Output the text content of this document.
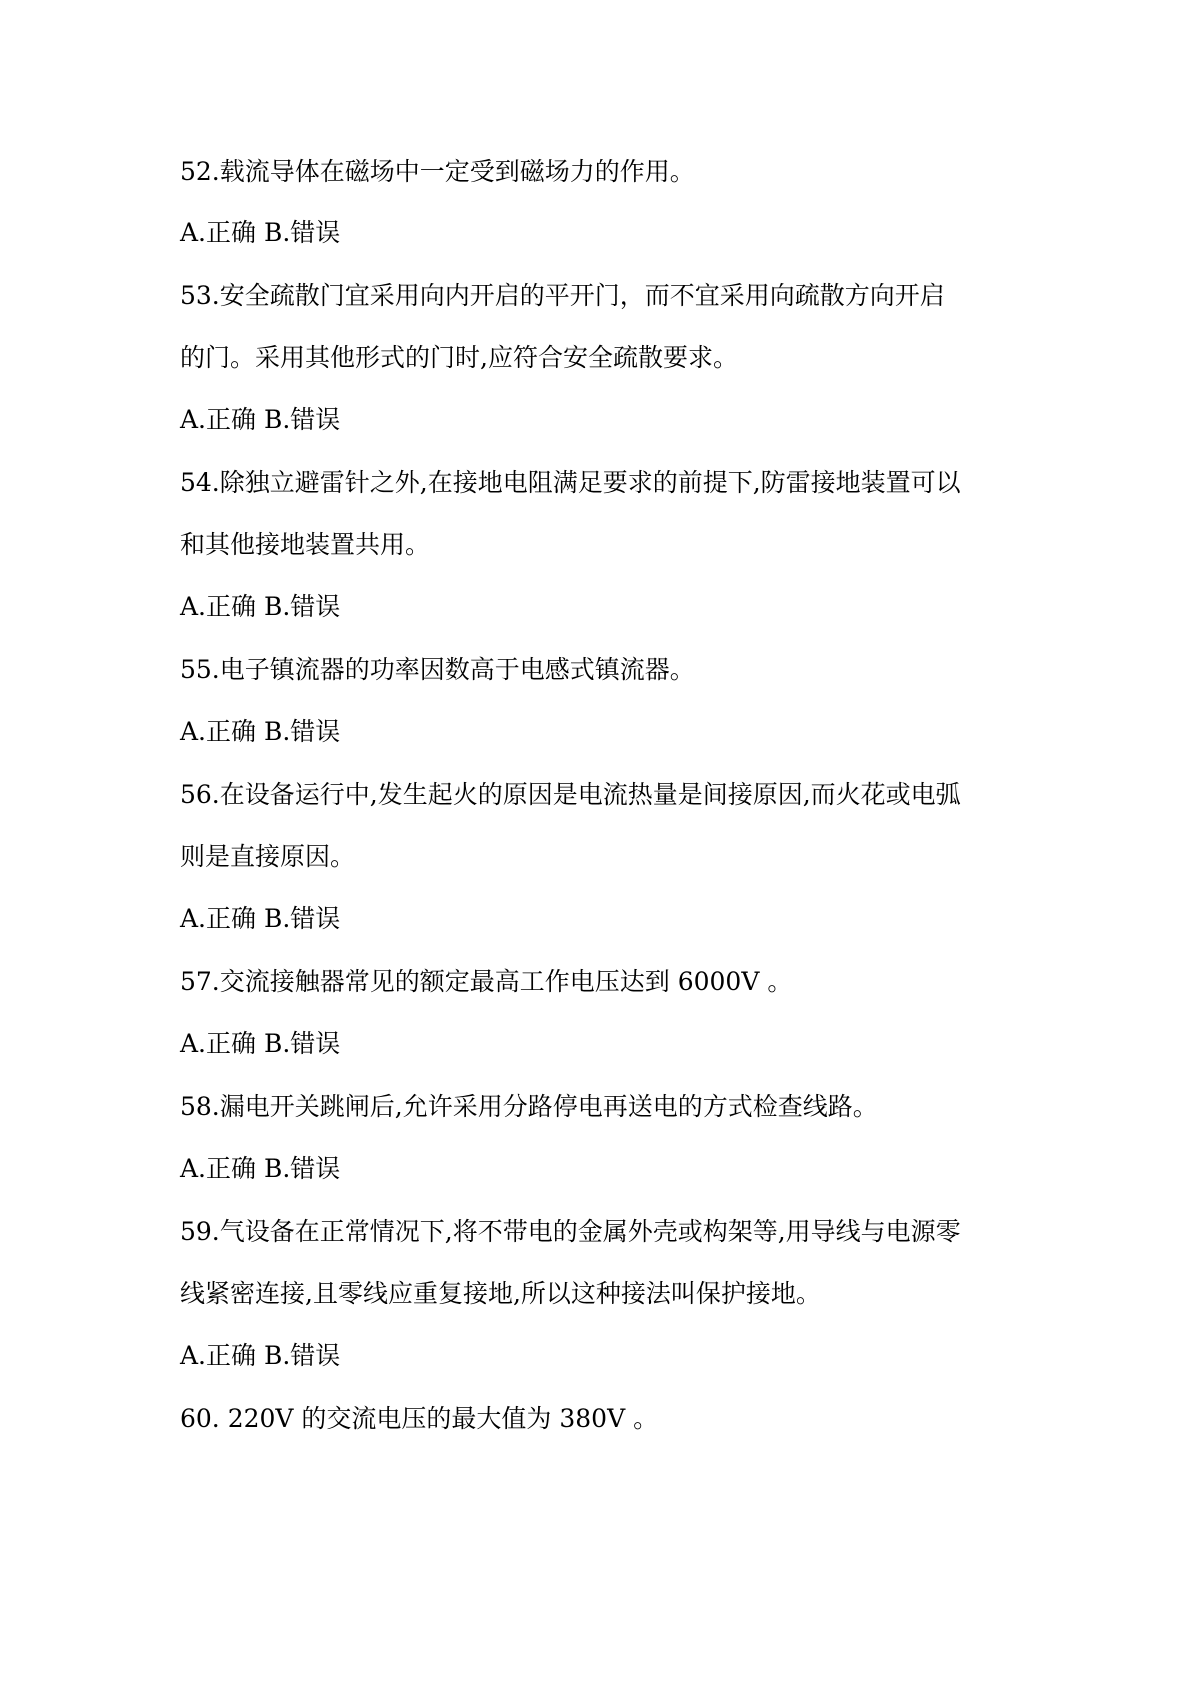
52.载流导体在磁场中一定受到磁场力的作用。
A.正确 B.错误
53.安全疏散门宜采用向内开启的平开门，而不宜采用向疏散方向开启
的门。采用其他形式的门时,应符合安全疏散要求。
A.正确 B.错误
54.除独立避雷针之外,在接地电阻满足要求的前提下,防雷接地装置可以
和其他接地装置共用。
A.正确 B.错误
55.电子镇流器的功率因数高于电感式镇流器。
A.正确 B.错误
56.在设备运行中,发生起火的原因是电流热量是间接原因,而火花或电弧
则是直接原因。
A.正确 B.错误
57.交流接触器常见的额定最高工作电压达到 6000V 。
A.正确 B.错误
58.漏电开关跳闸后,允许采用分路停电再送电的方式检查线路。
A.正确 B.错误
59.气设备在正常情况下,将不带电的金属外壳或构架等,用导线与电源零
线紧密连接,且零线应重复接地,所以这种接法叫保护接地。
A.正确 B.错误
60. 220V 的交流电压的最大值为 380V 。
